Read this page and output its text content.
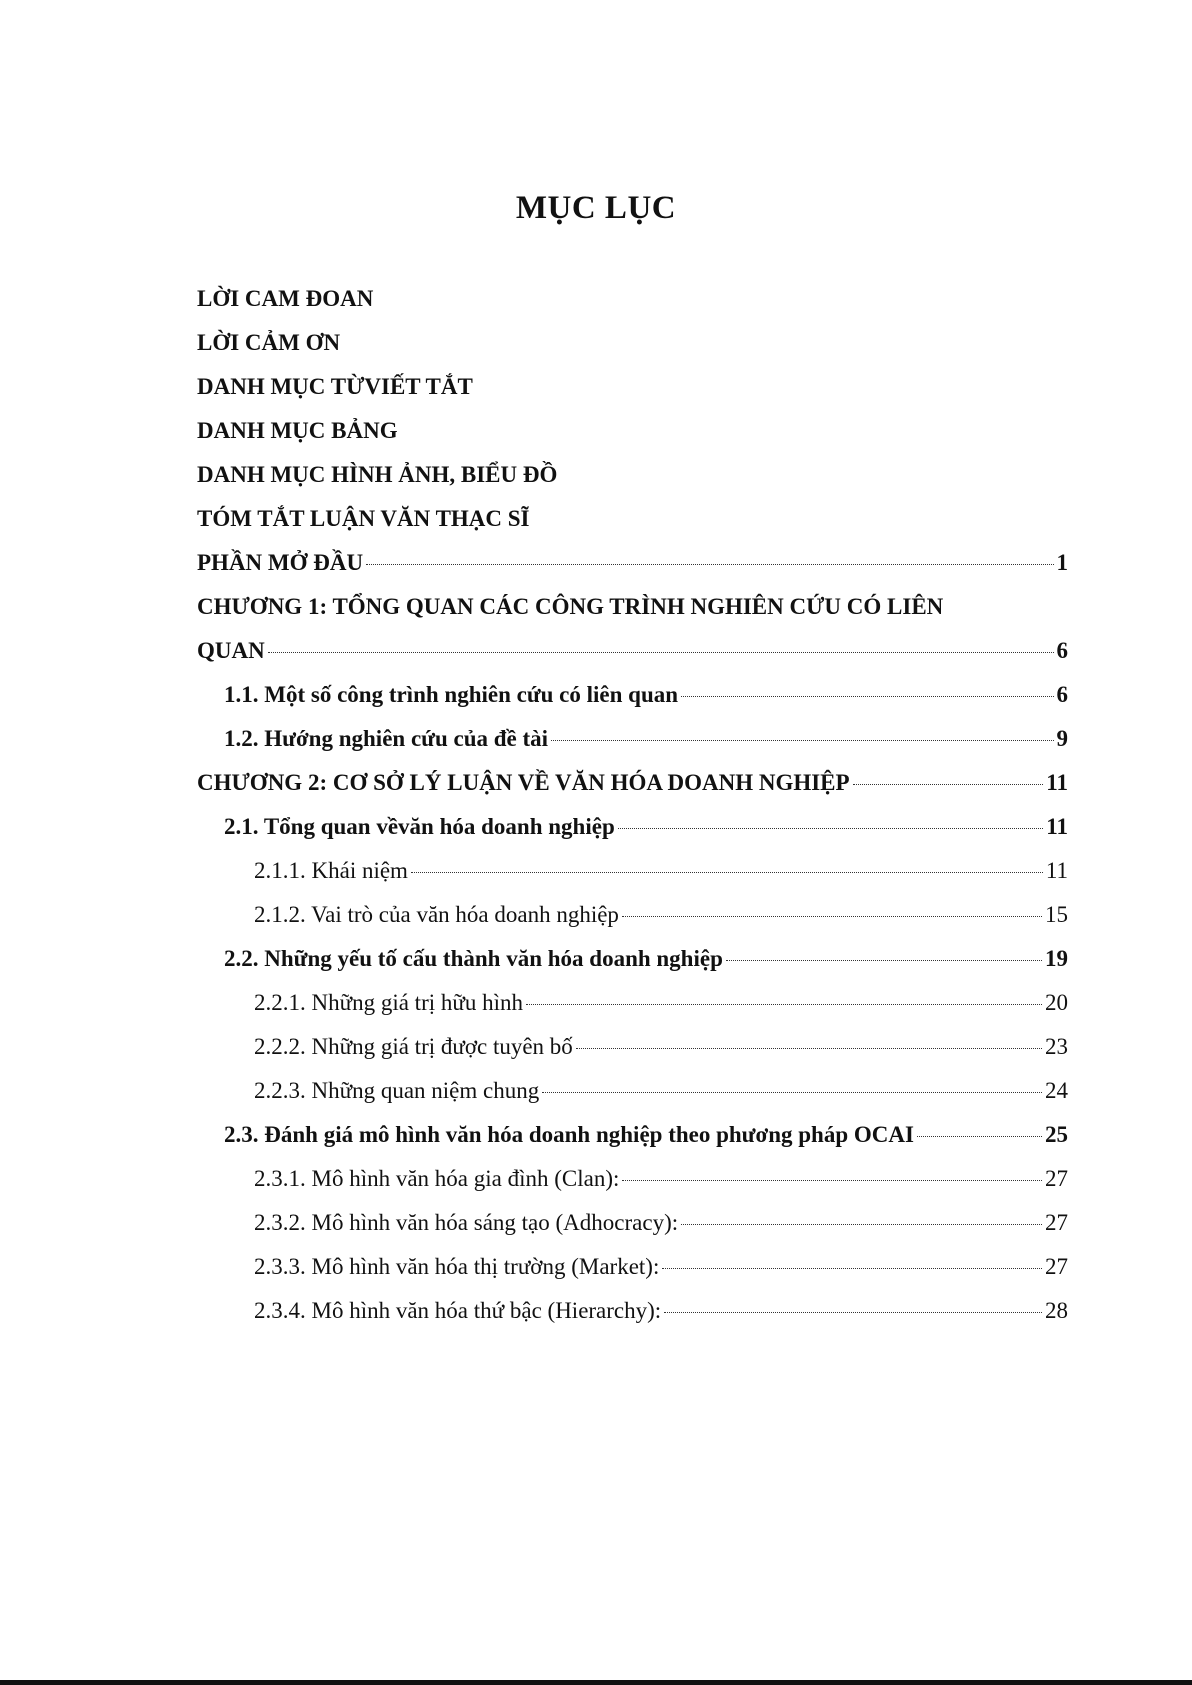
MỤC LỤC
LỜI CAM ĐOAN
LỜI CẢM ƠN
DANH MỤC TỪVIẾT TẮT
DANH MỤC BẢNG
DANH MỤC HÌNH ẢNH, BIỂU ĐỒ
TÓM TẮT LUẬN VĂN THẠC SĨ
PHẦN MỞ ĐẦU	1
CHƯƠNG 1: TỔNG QUAN CÁC CÔNG TRÌNH NGHIÊN CỨU CÓ LIÊN
QUAN	6
1.1. Một số công trình nghiên cứu có liên quan	6
1.2. Hướng nghiên cứu của đề tài	9
CHƯƠNG 2: CƠ SỞ LÝ LUẬN VỀ VĂN HÓA DOANH NGHIỆP	11
2.1. Tổng quan vềvăn hóa doanh nghiệp	11
2.1.1. Khái niệm	11
2.1.2. Vai trò của văn hóa doanh nghiệp	15
2.2. Những yếu tố cấu thành văn hóa doanh nghiệp	19
2.2.1. Những giá trị hữu hình	20
2.2.2. Những giá trị được tuyên bố	23
2.2.3. Những quan niệm chung	24
2.3. Đánh giá mô hình văn hóa doanh nghiệp theo phương pháp OCAI	25
2.3.1. Mô hình văn hóa gia đình (Clan):	27
2.3.2. Mô hình văn hóa sáng tạo (Adhocracy):	27
2.3.3. Mô hình văn hóa thị trường (Market):	27
2.3.4. Mô hình văn hóa thứ bậc (Hierarchy):	28
